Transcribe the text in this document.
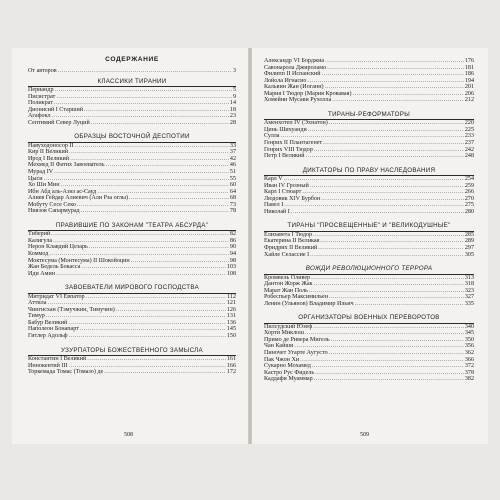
СОДЕРЖАНИЕ
От авторов .....	3
КЛАССИКИ ТИРАНИИ
Периандр .....	5
Писистрат .....	9
Поликрат .....	14
Дионисий I Старший .....	18
Агафокл .....	23
Септимий Север Луций .....	28
ОБРАЗЦЫ ВОСТОЧНОЙ ДЕСПОТИИ
Навуходоносор II .....	33
Кир II Великий .....	37
Ирод I Великий .....	42
Мехмед II Фатих Завоеватель .....	46
Мурад IV .....	51
Цыси .....	55
Хо Ши Мин .....	60
Ибн Абд аль-Азиз ас-Сауд .....	64
Алиев Гейдар Алиевич (Али Рза оглы) .....	68
Мобуту Сесе Секо .....	73
Ниязов Сапармурад .....	78
ПРАВИВШИЕ ПО ЗАКОНАМ "ТЕАТРА АБСУРДА"
Тиберий .....	82
Калигула .....	86
Нерон Клавдий Цезарь .....	90
Коммод .....	94
Моктесума (Монтесума) II Шокойоцин .....	98
Жан Бедель Бокасса .....	103
Иди Амин .....	108
ЗАВОЕВАТЕЛИ МИРОВОГО ГОСПОДСТВА
Митридат VI Евпатор .....	112
Аттила .....	121
Чингисхан (Тэмучжин, Тимучин) .....	126
Тимур .....	131
Бабур Великий .....	136
Наполеон Бонапарт .....	145
Гитлер Адольф .....	150
УЗУРПАТОРЫ БОЖЕСТВЕННОГО ЗАМЫСЛА
Константин I Великий .....	161
Иннокентий III .....	166
Торкемада Томас (Томазо) де .....	172
508
Александр VI Борджиа .....	176
Савонарола Джироламо .....	181
Филипп II Испанский .....	186
Лойола Игнасио .....	194
Кальвин Жан (Иоганн) .....	201
Мария I Тюдор (Мария Кровавая) .....	206
Хомейни Мусави Рухолла .....	212
ТИРАНЫ-РЕФОРМАТОРЫ
Аменхотеп IV (Эхнатон) .....	220
Цинь Шихуанди .....	225
Сулла .....	233
Генрих II Плантагенет .....	237
Генрих VIII Тюдор .....	242
Петр I Великий .....	248
ДИКТАТОРЫ ПО ПРАВУ НАСЛЕДОВАНИЯ
Карл V .....	254
Иван IV Грозный .....	259
Карл I Стюарт .....	266
Людовик XIV Бурбон .....	270
Павел I .....	275
Николай I .....	280
ТИРАНЫ "ПРОСВЕЩЕННЫЕ" И "ВЕЛИКОДУШНЫЕ"
Елизавета I Тюдор .....	285
Екатерина II Великая .....	289
Фридрих II Великий .....	297
Хайле Селассие I .....	305
ВОЖДИ РЕВОЛЮЦИОННОГО ТЕРРОРА
Кромвель Оливер .....	313
Дантон Жорж Жак .....	318
Марат Жан Поль .....	323
Робеспьер Максимильен .....	327
Ленин (Ульянов) Владимир Ильич .....	335
ОРГАНИЗАТОРЫ ВОЕННЫХ ПЕРЕВОРОТОВ
Пилсудский Юзеф .....	340
Хорти Миклош .....	345
Примо де Ривера Мигель .....	350
Чан Кайши .....	356
Пиночет Угарте Аугусто .....	362
Пак Чжон Хи .....	366
Сукарно Мохамед .....	372
Кастро Рус Фидель .....	378
Каддафи Муаммар .....	382
509
